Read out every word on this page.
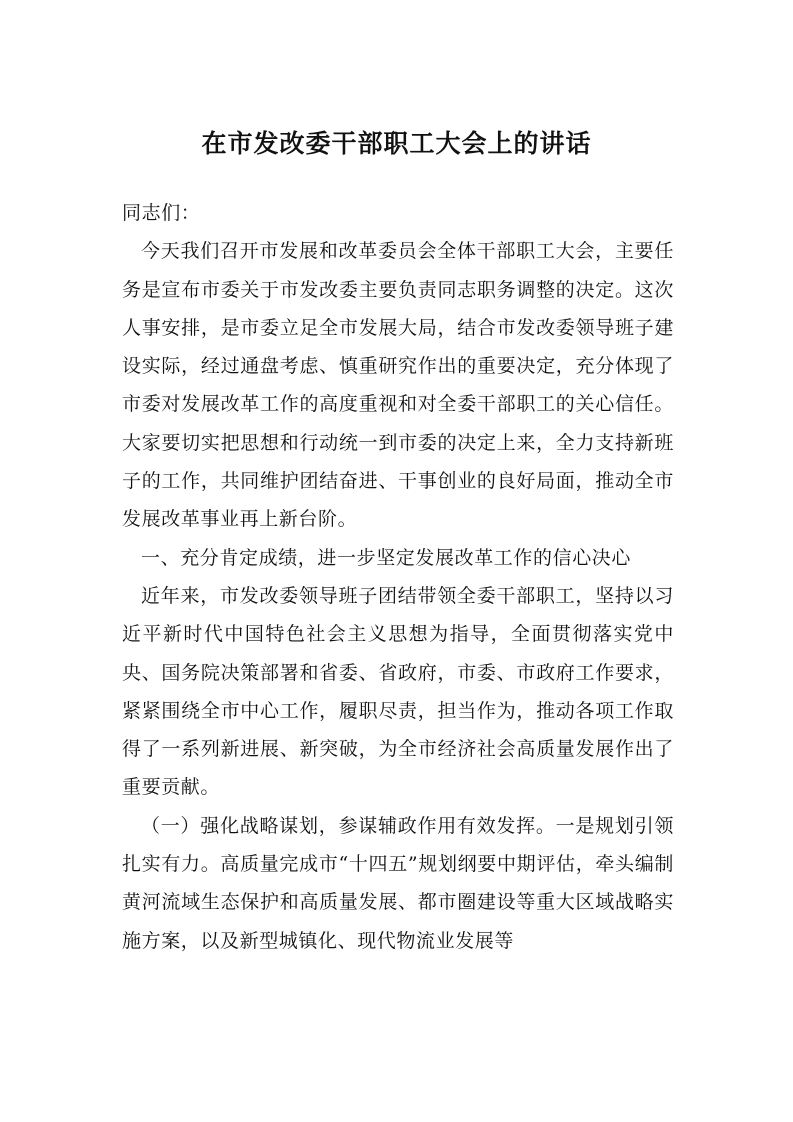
在市发改委干部职工大会上的讲话

同志们：

今天我们召开市发展和改革委员会全体干部职工大会，主要任务是宣布市委关于市发改委主要负责同志职务调整的决定。这次人事安排，是市委立足全市发展大局，结合市发改委领导班子建设实际，经过通盘考虑、慎重研究作出的重要决定，充分体现了市委对发展改革工作的高度重视和对全委干部职工的关心信任。大家要切实把思想和行动统一到市委的决定上来，全力支持新班子的工作，共同维护团结奋进、干事创业的良好局面，推动全市发展改革事业再上新台阶。

一、充分肯定成绩，进一步坚定发展改革工作的信心决心

近年来，市发改委领导班子团结带领全委干部职工，坚持以习近平新时代中国特色社会主义思想为指导，全面贯彻落实党中央、国务院决策部署和省委、省政府，市委、市政府工作要求，紧紧围绕全市中心工作，履职尽责，担当作为，推动各项工作取得了一系列新进展、新突破，为全市经济社会高质量发展作出了重要贡献。

（一）强化战略谋划，参谋辅政作用有效发挥。一是规划引领扎实有力。高质量完成市“十四五”规划纲要中期评估，牵头编制黄河流域生态保护和高质量发展、都市圈建设等重大区域战略实施方案，以及新型城镇化、现代物流业发展等
